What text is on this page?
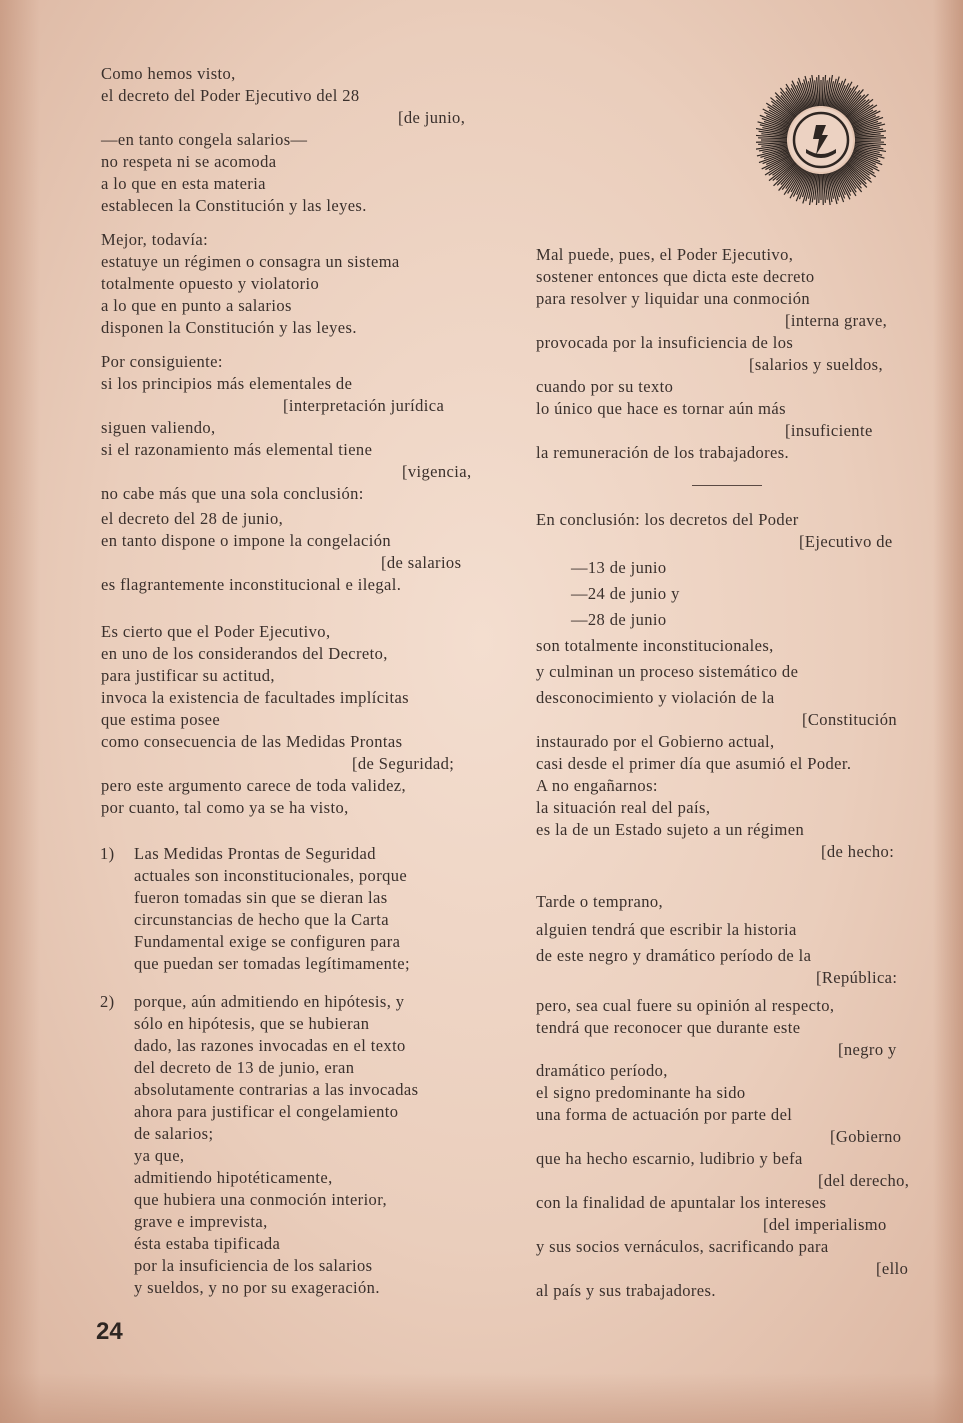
Como hemos visto,
el decreto del Poder Ejecutivo del 28
[de junio,
—en tanto congela salarios—
no respeta ni se acomoda
a lo que en esta materia
establecen la Constitución y las leyes.
Mejor, todavía:
estatuye un régimen o consagra un sistema
totalmente opuesto y violatorio
a lo que en punto a salarios
disponen la Constitución y las leyes.
Por consiguiente:
si los principios más elementales de
[interpretación jurídica
siguen valiendo,
si el razonamiento más elemental tiene
[vigencia,
no cabe más que una sola conclusión:
el decreto del 28 de junio,
en tanto dispone o impone la congelación
[de salarios
es flagrantemente inconstitucional e ilegal.
Es cierto que el Poder Ejecutivo,
en uno de los considerandos del Decreto,
para justificar su actitud,
invoca la existencia de facultades implícitas
que estima posee
como consecuencia de las Medidas Prontas
[de Seguridad;
pero este argumento carece de toda validez,
por cuanto, tal como ya se ha visto,
1) Las Medidas Prontas de Seguridad
actuales son inconstitucionales, porque
fueron tomadas sin que se dieran las
circunstancias de hecho que la Carta
Fundamental exige se configuren para
que puedan ser tomadas legítimamente;
2) porque, aún admitiendo en hipótesis, y
sólo en hipótesis, que se hubieran
dado, las razones invocadas en el texto
del decreto de 13 de junio, eran
absolutamente contrarias a las invocadas
ahora para justificar el congelamiento
de salarios;
ya que,
admitiendo hipotéticamente,
que hubiera una conmoción interior,
grave e imprevista,
ésta estaba tipificada
por la insuficiencia de los salarios
y sueldos, y no por su exageración.
Mal puede, pues, el Poder Ejecutivo,
sostener entonces que dicta este decreto
para resolver y liquidar una conmoción
[interna grave,
provocada por la insuficiencia de los
[salarios y sueldos,
cuando por su texto
lo único que hace es tornar aún más
[insuficiente
la remuneración de los trabajadores.
En conclusión: los decretos del Poder
[Ejecutivo de
—13 de junio
—24 de junio y
—28 de junio
son totalmente inconstitucionales,
y culminan un proceso sistemático de
desconocimiento y violación de la
[Constitución
instaurado por el Gobierno actual,
casi desde el primer día que asumió el Poder.
A no engañarnos:
la situación real del país,
es la de un Estado sujeto a un régimen
[de hecho:
Tarde o temprano,
alguien tendrá que escribir la historia
de este negro y dramático período de la
[República:
pero, sea cual fuere su opinión al respecto,
tendrá que reconocer que durante este
[negro y
dramático período,
el signo predominante ha sido
una forma de actuación por parte del
[Gobierno
que ha hecho escarnio, ludibrio y befa
[del derecho,
con la finalidad de apuntalar los intereses
[del imperialismo
y sus socios vernáculos, sacrificando para
[ello
al país y sus trabajadores.
24
